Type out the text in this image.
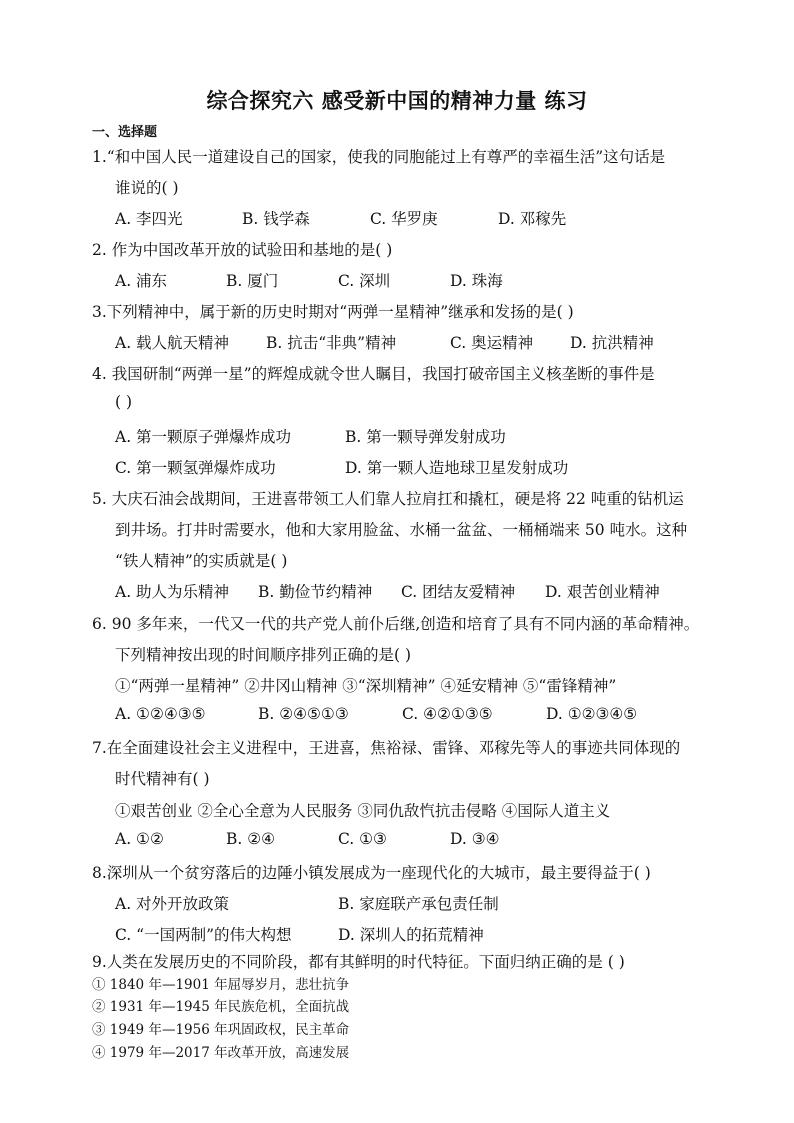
综合探究六 感受新中国的精神力量 练习
一、选择题
1.“和中国人民一道建设自己的国家，使我的同胞能过上有尊严的幸福生活”这句话是
谁说的( )
A. 李四光	B. 钱学森	C. 华罗庚	D. 邓稼先
2. 作为中国改革开放的试验田和基地的是( )
A. 浦东	B. 厦门	C. 深圳	D. 珠海
3.下列精神中，属于新的历史时期对“两弹一星精神”继承和发扬的是( )
A. 载人航天精神 B. 抗击“非典”精神	C. 奥运精神 D. 抗洪精神
4. 我国研制“两弹一星”的辉煌成就令世人瞩目，我国打破帝国主义核垄断的事件是
( )
A. 第一颗原子弹爆炸成功	B. 第一颗导弹发射成功
C. 第一颗氢弹爆炸成功	D. 第一颗人造地球卫星发射成功
5. 大庆石油会战期间，王进喜带领工人们靠人拉肩扛和撬杠，硬是将 22 吨重的钻机运
到井场。打井时需要水，他和大家用脸盆、水桶一盆盆、一桶桶端来 50 吨水。这种
“铁人精神”的实质就是( )
A. 助人为乐精神 B. 勤俭节约精神 C. 团结友爱精神 D. 艰苦创业精神
6. 90 多年来，一代又一代的共产党人前仆后继,创造和培育了具有不同内涵的革命精神。
下列精神按出现的时间顺序排列正确的是( )
①“两弹一星精神” ②井冈山精神 ③“深圳精神” ④延安精神 ⑤“雷锋精神”
A. ①②④③⑤	B. ②④⑤①③	C. ④②①③⑤	D. ①②③④⑤
7.在全面建设社会主义进程中，王进喜，焦裕禄、雷锋、邓稼先等人的事迹共同体现的
时代精神有( )
①艰苦创业 ②全心全意为人民服务 ③同仇敌忾抗击侵略 ④国际人道主义
A. ①②	B. ②④	C. ①③	D. ③④
8.深圳从一个贫穷落后的边陲小镇发展成为一座现代化的大城市，最主要得益于( )
A. 对外开放政策	B. 家庭联产承包责任制
C. “一国两制”的伟大构想	D. 深圳人的拓荒精神
9.人类在发展历史的不同阶段，都有其鲜明的时代特征。下面归纳正确的是 ( )
① 1840 年—1901 年屈辱岁月，悲壮抗争
② 1931 年—1945 年民族危机，全面抗战
③ 1949 年—1956 年巩固政权，民主革命
④ 1979 年—2017 年改革开放，高速发展
